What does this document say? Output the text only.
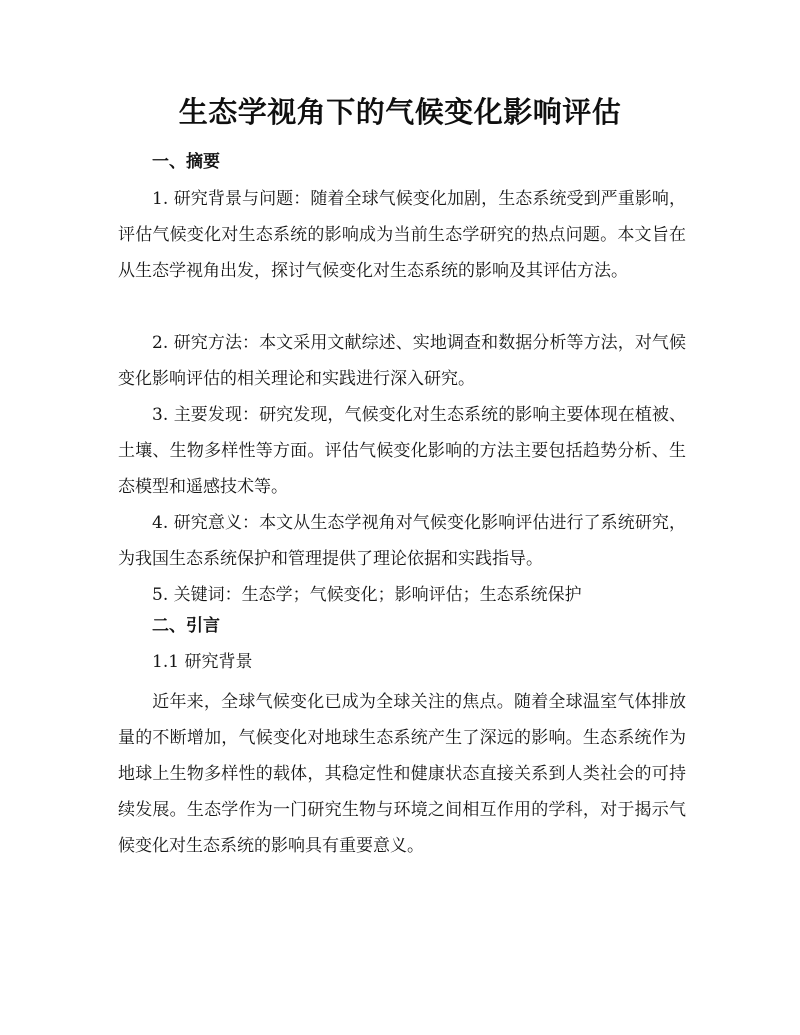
生态学视角下的气候变化影响评估
一、摘要
1. 研究背景与问题：随着全球气候变化加剧，生态系统受到严重影响，评估气候变化对生态系统的影响成为当前生态学研究的热点问题。本文旨在从生态学视角出发，探讨气候变化对生态系统的影响及其评估方法。
2. 研究方法：本文采用文献综述、实地调查和数据分析等方法，对气候变化影响评估的相关理论和实践进行深入研究。
3. 主要发现：研究发现，气候变化对生态系统的影响主要体现在植被、土壤、生物多样性等方面。评估气候变化影响的方法主要包括趋势分析、生态模型和遥感技术等。
4. 研究意义：本文从生态学视角对气候变化影响评估进行了系统研究，为我国生态系统保护和管理提供了理论依据和实践指导。
5. 关键词：生态学；气候变化；影响评估；生态系统保护
二、引言
1.1 研究背景
近年来，全球气候变化已成为全球关注的焦点。随着全球温室气体排放量的不断增加，气候变化对地球生态系统产生了深远的影响。生态系统作为地球上生物多样性的载体，其稳定性和健康状态直接关系到人类社会的可持续发展。生态学作为一门研究生物与环境之间相互作用的学科，对于揭示气候变化对生态系统的影响具有重要意义。
